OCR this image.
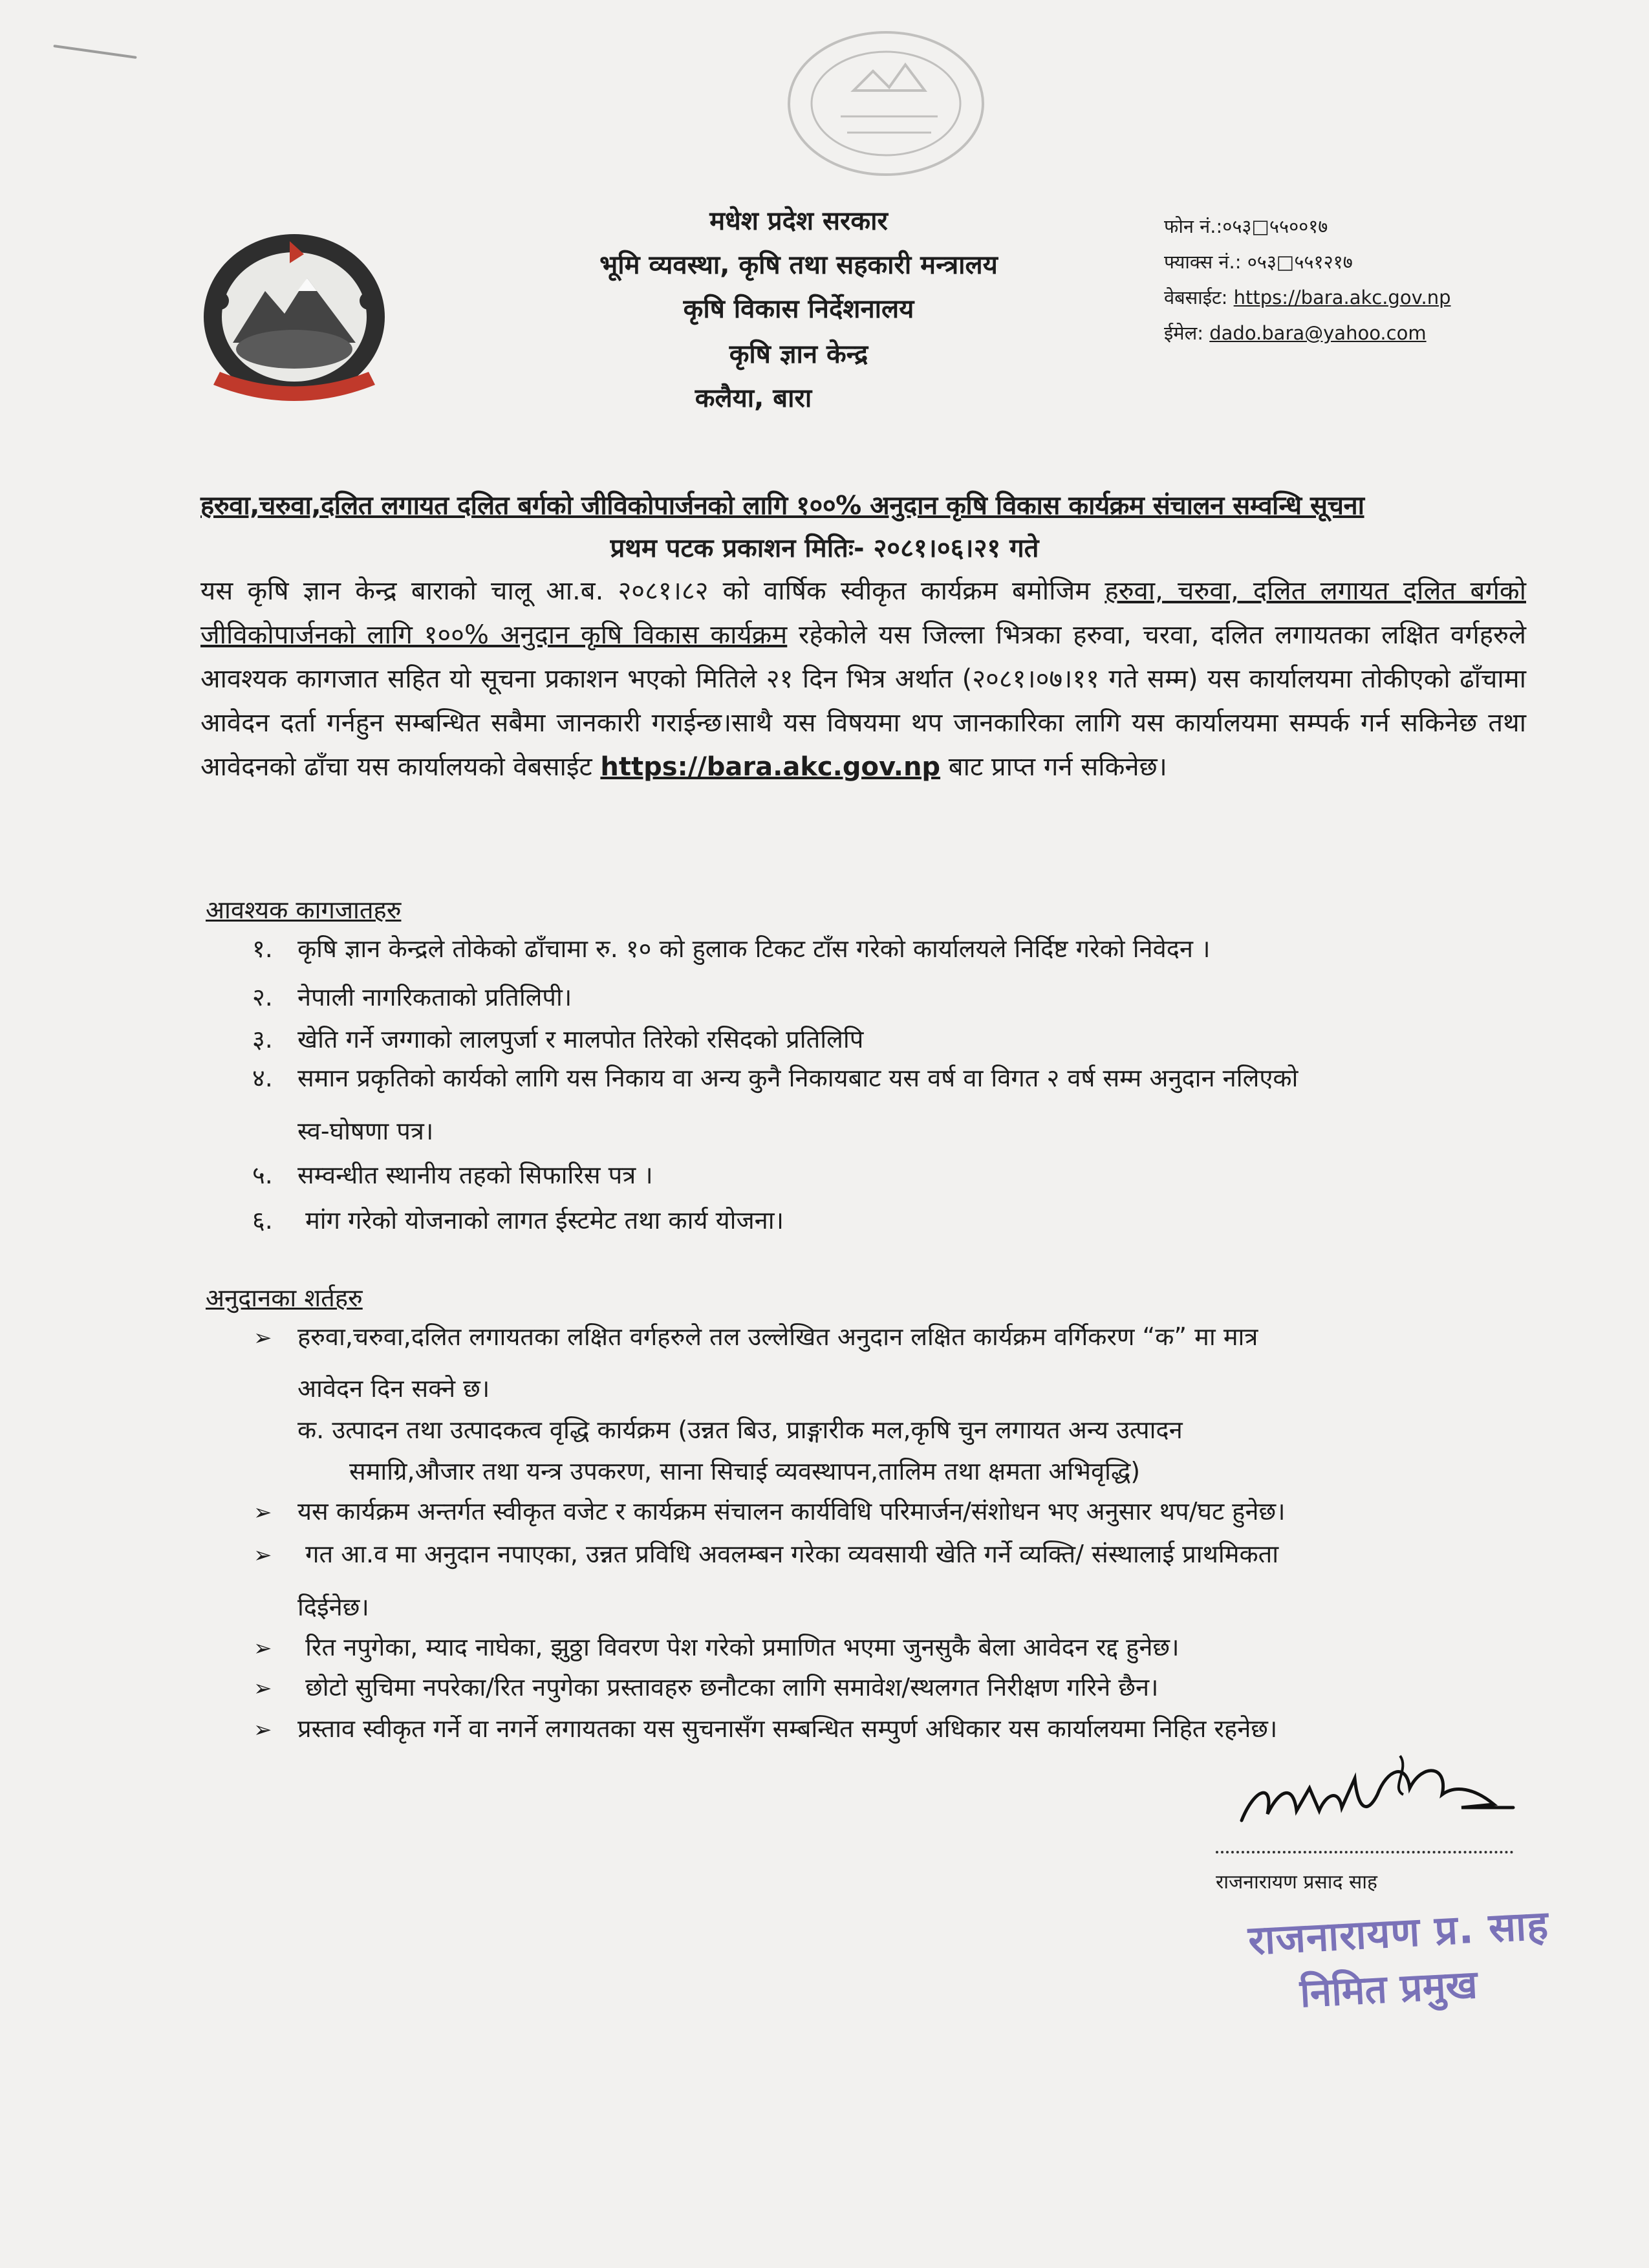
मधेश प्रदेश सरकार
भूमि व्यवस्था, कृषि तथा सहकारी मन्त्रालय
कृषि विकास निर्देशनालय
कृषि ज्ञान केन्द्र
कलैया, बारा
फोन नं.:०५३□५५००१७
फ्याक्स नं.: ०५३□५५१२१७
वेबसाईट: https://bara.akc.gov.np
ईमेल: dado.bara@yahoo.com
हरुवा,चरुवा,दलित लगायत दलित बर्गको जीविकोपार्जनको लागि १००% अनुदान कृषि विकास कार्यक्रम संचालन सम्वन्धि सूचना
प्रथम पटक प्रकाशन मितिः- २०८१।०६।२१ गते
यस कृषि ज्ञान केन्द्र बाराको चालू आ.ब. २०८१।८२ को वार्षिक स्वीकृत कार्यक्रम बमोजिम हरुवा, चरुवा, दलित लगायत दलित बर्गको जीविकोपार्जनको लागि १००% अनुदान कृषि विकास कार्यक्रम रहेकोले यस जिल्ला भित्रका हरुवा, चरवा, दलित लगायतका लक्षित वर्गहरुले आवश्यक कागजात सहित यो सूचना प्रकाशन भएको मितिले २१ दिन भित्र अर्थात (२०८१।०७।११ गते सम्म) यस कार्यालयमा तोकीएको ढाँचामा आवेदन दर्ता गर्नहुन सम्बन्धित सबैमा जानकारी गराईन्छ।साथै यस विषयमा थप जानकारिका लागि यस कार्यालयमा सम्पर्क गर्न सकिनेछ तथा आवेदनको ढाँचा यस कार्यालयको वेबसाईट https://bara.akc.gov.np बाट प्राप्त गर्न सकिनेछ।
आवश्यक कागजातहरु
१. कृषि ज्ञान केन्द्रले तोकेको ढाँचामा रु. १० को हुलाक टिकट टाँस गरेको कार्यालयले निर्दिष्ट गरेको निवेदन ।
२. नेपाली नागरिकताको प्रतिलिपी।
३. खेति गर्ने जग्गाको लालपुर्जा र मालपोत तिरेको रसिदको प्रतिलिपि
४. समान प्रकृतिको कार्यको लागि यस निकाय वा अन्य कुनै निकायबाट यस वर्ष वा विगत २ वर्ष सम्म अनुदान नलिएको
स्व-घोषणा पत्र।
५. सम्वन्धीत स्थानीय तहको सिफारिस पत्र ।
६. मांग गरेको योजनाको लागत ईस्टमेट तथा कार्य योजना।
अनुदानका शर्तहरु
➢ हरुवा,चरुवा,दलित लगायतका लक्षित वर्गहरुले तल उल्लेखित अनुदान लक्षित कार्यक्रम वर्गिकरण “क” मा मात्र
आवेदन दिन सक्ने छ।
क. उत्पादन तथा उत्पादकत्व वृद्धि कार्यक्रम (उन्नत बिउ, प्राङ्गारीक मल,कृषि चुन लगायत अन्य उत्पादन
समाग्रि,औजार तथा यन्त्र उपकरण, साना सिचाई व्यवस्थापन,तालिम तथा क्षमता अभिवृद्धि)
➢ यस कार्यक्रम अन्तर्गत स्वीकृत वजेट र कार्यक्रम संचालन कार्यविधि परिमार्जन/संशोधन भए अनुसार थप/घट हुनेछ।
➢ गत आ.व मा अनुदान नपाएका, उन्नत प्रविधि अवलम्बन गरेका व्यवसायी खेति गर्ने व्यक्ति/ संस्थालाई प्राथमिकता
दिईनेछ।
➢ रित नपुगेका, म्याद नाघेका, झुठ्ठा विवरण पेश गरेको प्रमाणित भएमा जुनसुकै बेला आवेदन रद्द हुनेछ।
➢ छोटो सुचिमा नपरेका/रित नपुगेका प्रस्तावहरु छनौटका लागि समावेश/स्थलगत निरीक्षण गरिने छैन।
➢ प्रस्ताव स्वीकृत गर्ने वा नगर्ने लगायतका यस सुचनासँग सम्बन्धित सम्पुर्ण अधिकार यस कार्यालयमा निहित रहनेछ।
राजनारायण प्रसाद साह
राजनारायण प्र. साह
निमित प्रमुख
